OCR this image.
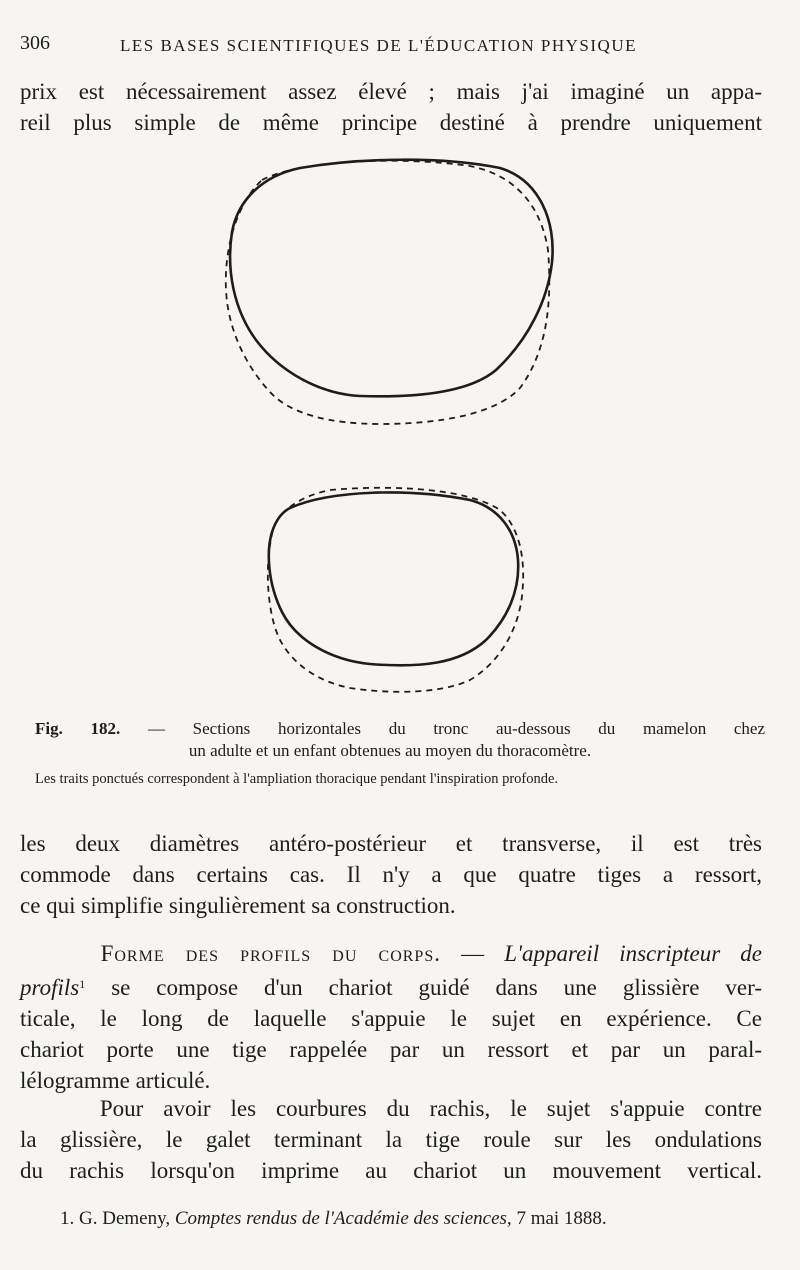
306	LES BASES SCIENTIFIQUES DE L'ÉDUCATION PHYSIQUE
prix est nécessairement assez élevé ; mais j'ai imaginé un appa-
reil plus simple de même principe destiné à prendre uniquement
Fig. 182. — Sections horizontales du tronc au-dessous du mamelon chez
un adulte et un enfant obtenues au moyen du thoracomètre.
Les traits ponctués correspondent à l'ampliation thoracique pendant l'inspiration profonde.
les deux diamètres antéro-postérieur et transverse, il est très
commode dans certains cas. Il n'y a que quatre tiges a ressort,
ce qui simplifie singulièrement sa construction.
Forme des profils du corps. — L'appareil inscripteur de
profils$^1$ se compose d'un chariot guidé dans une glissière ver-
ticale, le long de laquelle s'appuie le sujet en expérience. Ce
chariot porte une tige rappelée par un ressort et par un paral-
lélogramme articulé.
Pour avoir les courbures du rachis, le sujet s'appuie contre
la glissière, le galet terminant la tige roule sur les ondulations
du rachis lorsqu'on imprime au chariot un mouvement vertical.
1. G. Demeny, Comptes rendus de l'Académie des sciences, 7 mai 1888.
